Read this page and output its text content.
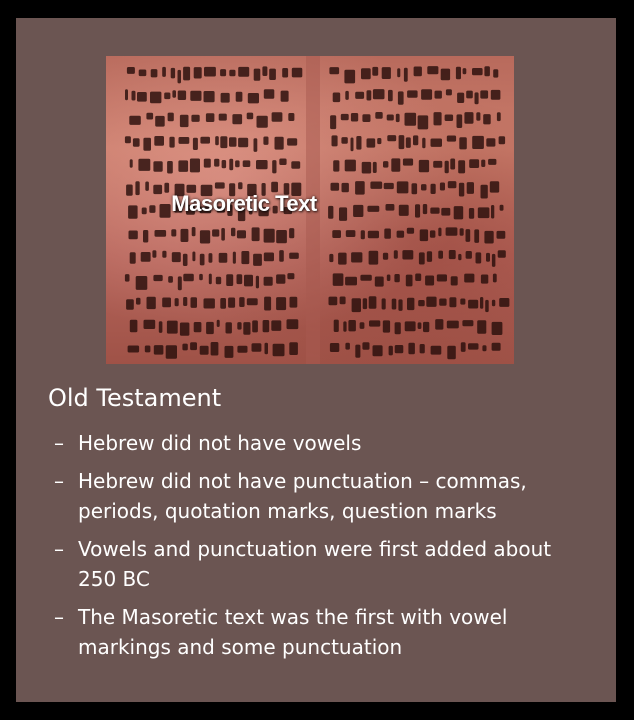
Masoretic Text
Old Testament
– Hebrew did not have vowels
– Hebrew did not have punctuation – commas, periods, quotation marks, question marks
– Vowels and punctuation were first added about 250 BC
– The Masoretic text was the first with vowel markings and some punctuation
